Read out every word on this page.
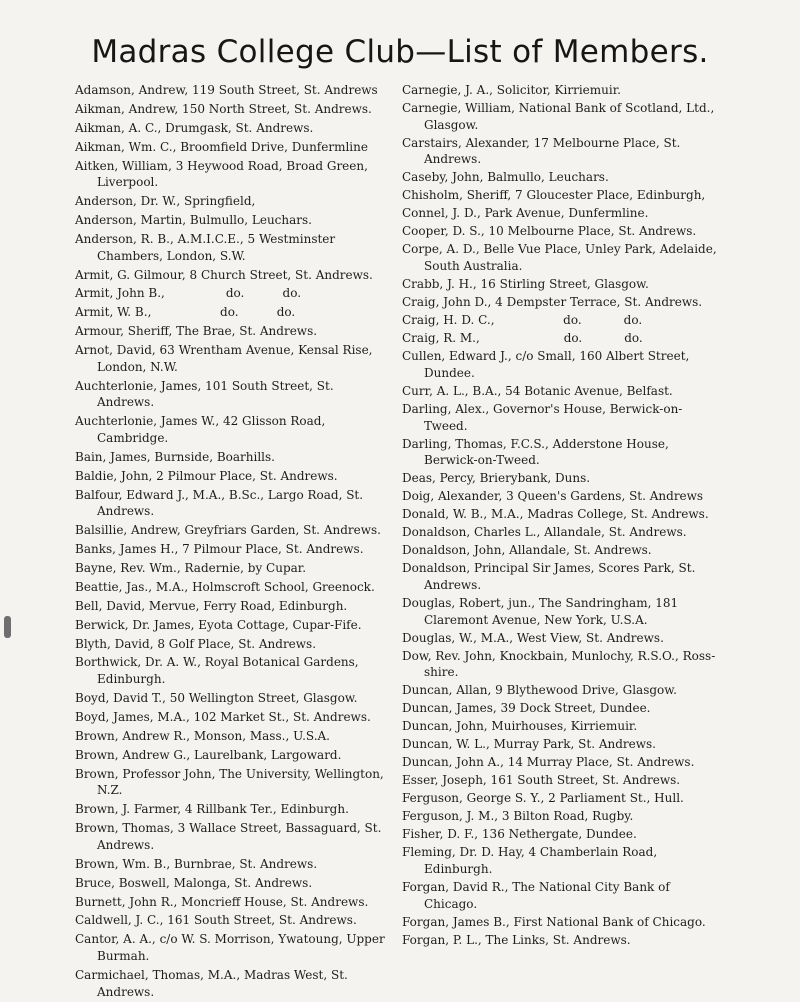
Madras College Club—List of Members.
Adamson, Andrew, 119 South Street, St. Andrews
Aikman, Andrew, 150 North Street, St. Andrews.
Aikman, A. C., Drumgask, St. Andrews.
Aikman, Wm. C., Broomfield Drive, Dunfermline
Aitken, William, 3 Heywood Road, Broad Green, Liverpool.
Anderson, Dr. W., Springfield,
Anderson, Martin, Bulmullo, Leuchars.
Anderson, R. B., A.M.I.C.E., 5 Westminster Chambers, London, S.W.
Armit, G. Gilmour, 8 Church Street, St. Andrews.
Armit, John B.,                do.          do.
Armit, W. B.,                  do.          do.
Armour, Sheriff, The Brae, St. Andrews.
Arnot, David, 63 Wrentham Avenue, Kensal Rise, London, N.W.
Auchterlonie, James, 101 South Street, St. Andrews.
Auchterlonie, James W., 42 Glisson Road, Cambridge.
Bain, James, Burnside, Boarhills.
Baldie, John, 2 Pilmour Place, St. Andrews.
Balfour, Edward J., M.A., B.Sc., Largo Road, St. Andrews.
Balsillie, Andrew, Greyfriars Garden, St. Andrews.
Banks, James H., 7 Pilmour Place, St. Andrews.
Bayne, Rev. Wm., Radernie, by Cupar.
Beattie, Jas., M.A., Holmscroft School, Greenock.
Bell, David, Mervue, Ferry Road, Edinburgh.
Berwick, Dr. James, Eyota Cottage, Cupar-Fife.
Blyth, David, 8 Golf Place, St. Andrews.
Borthwick, Dr. A. W., Royal Botanical Gardens, Edinburgh.
Boyd, David T., 50 Wellington Street, Glasgow.
Boyd, James, M.A., 102 Market St., St. Andrews.
Brown, Andrew R., Monson, Mass., U.S.A.
Brown, Andrew G., Laurelbank, Largoward.
Brown, Professor John, The University, Wellington, N.Z.
Brown, J. Farmer, 4 Rillbank Ter., Edinburgh.
Brown, Thomas, 3 Wallace Street, Bassaguard, St. Andrews.
Brown, Wm. B., Burnbrae, St. Andrews.
Bruce, Boswell, Malonga, St. Andrews.
Burnett, John R., Moncrieff House, St. Andrews.
Caldwell, J. C., 161 South Street, St. Andrews.
Cantor, A. A., c/o W. S. Morrison, Ywatoung, Upper Burmah.
Carmichael, Thomas, M.A., Madras West, St. Andrews.
Carnegie, J. A., Solicitor, Kirriemuir.
Carnegie, William, National Bank of Scotland, Ltd., Glasgow.
Carstairs, Alexander, 17 Melbourne Place, St. Andrews.
Caseby, John, Balmullo, Leuchars.
Chisholm, Sheriff, 7 Gloucester Place, Edinburgh,
Connel, J. D., Park Avenue, Dunfermline.
Cooper, D. S., 10 Melbourne Place, St. Andrews.
Corpe, A. D., Belle Vue Place, Unley Park, Adelaide, South Australia.
Crabb, J. H., 16 Stirling Street, Glasgow.
Craig, John D., 4 Dempster Terrace, St. Andrews.
Craig, H. D. C.,                  do.           do.
Craig, R. M.,                      do.           do.
Cullen, Edward J., c/o Small, 160 Albert Street, Dundee.
Curr, A. L., B.A., 54 Botanic Avenue, Belfast.
Darling, Alex., Governor's House, Berwick-on-Tweed.
Darling, Thomas, F.C.S., Adderstone House, Berwick-on-Tweed.
Deas, Percy, Brierybank, Duns.
Doig, Alexander, 3 Queen's Gardens, St. Andrews
Donald, W. B., M.A., Madras College, St. Andrews.
Donaldson, Charles L., Allandale, St. Andrews.
Donaldson, John, Allandale, St. Andrews.
Donaldson, Principal Sir James, Scores Park, St. Andrews.
Douglas, Robert, jun., The Sandringham, 181 Claremont Avenue, New York, U.S.A.
Douglas, W., M.A., West View, St. Andrews.
Dow, Rev. John, Knockbain, Munlochy, R.S.O., Ross-shire.
Duncan, Allan, 9 Blythewood Drive, Glasgow.
Duncan, James, 39 Dock Street, Dundee.
Duncan, John, Muirhouses, Kirriemuir.
Duncan, W. L., Murray Park, St. Andrews.
Duncan, John A., 14 Murray Place, St. Andrews.
Esser, Joseph, 161 South Street, St. Andrews.
Ferguson, George S. Y., 2 Parliament St., Hull.
Ferguson, J. M., 3 Bilton Road, Rugby.
Fisher, D. F., 136 Nethergate, Dundee.
Fleming, Dr. D. Hay, 4 Chamberlain Road, Edinburgh.
Forgan, David R., The National City Bank of Chicago.
Forgan, James B., First National Bank of Chicago.
Forgan, P. L., The Links, St. Andrews.
